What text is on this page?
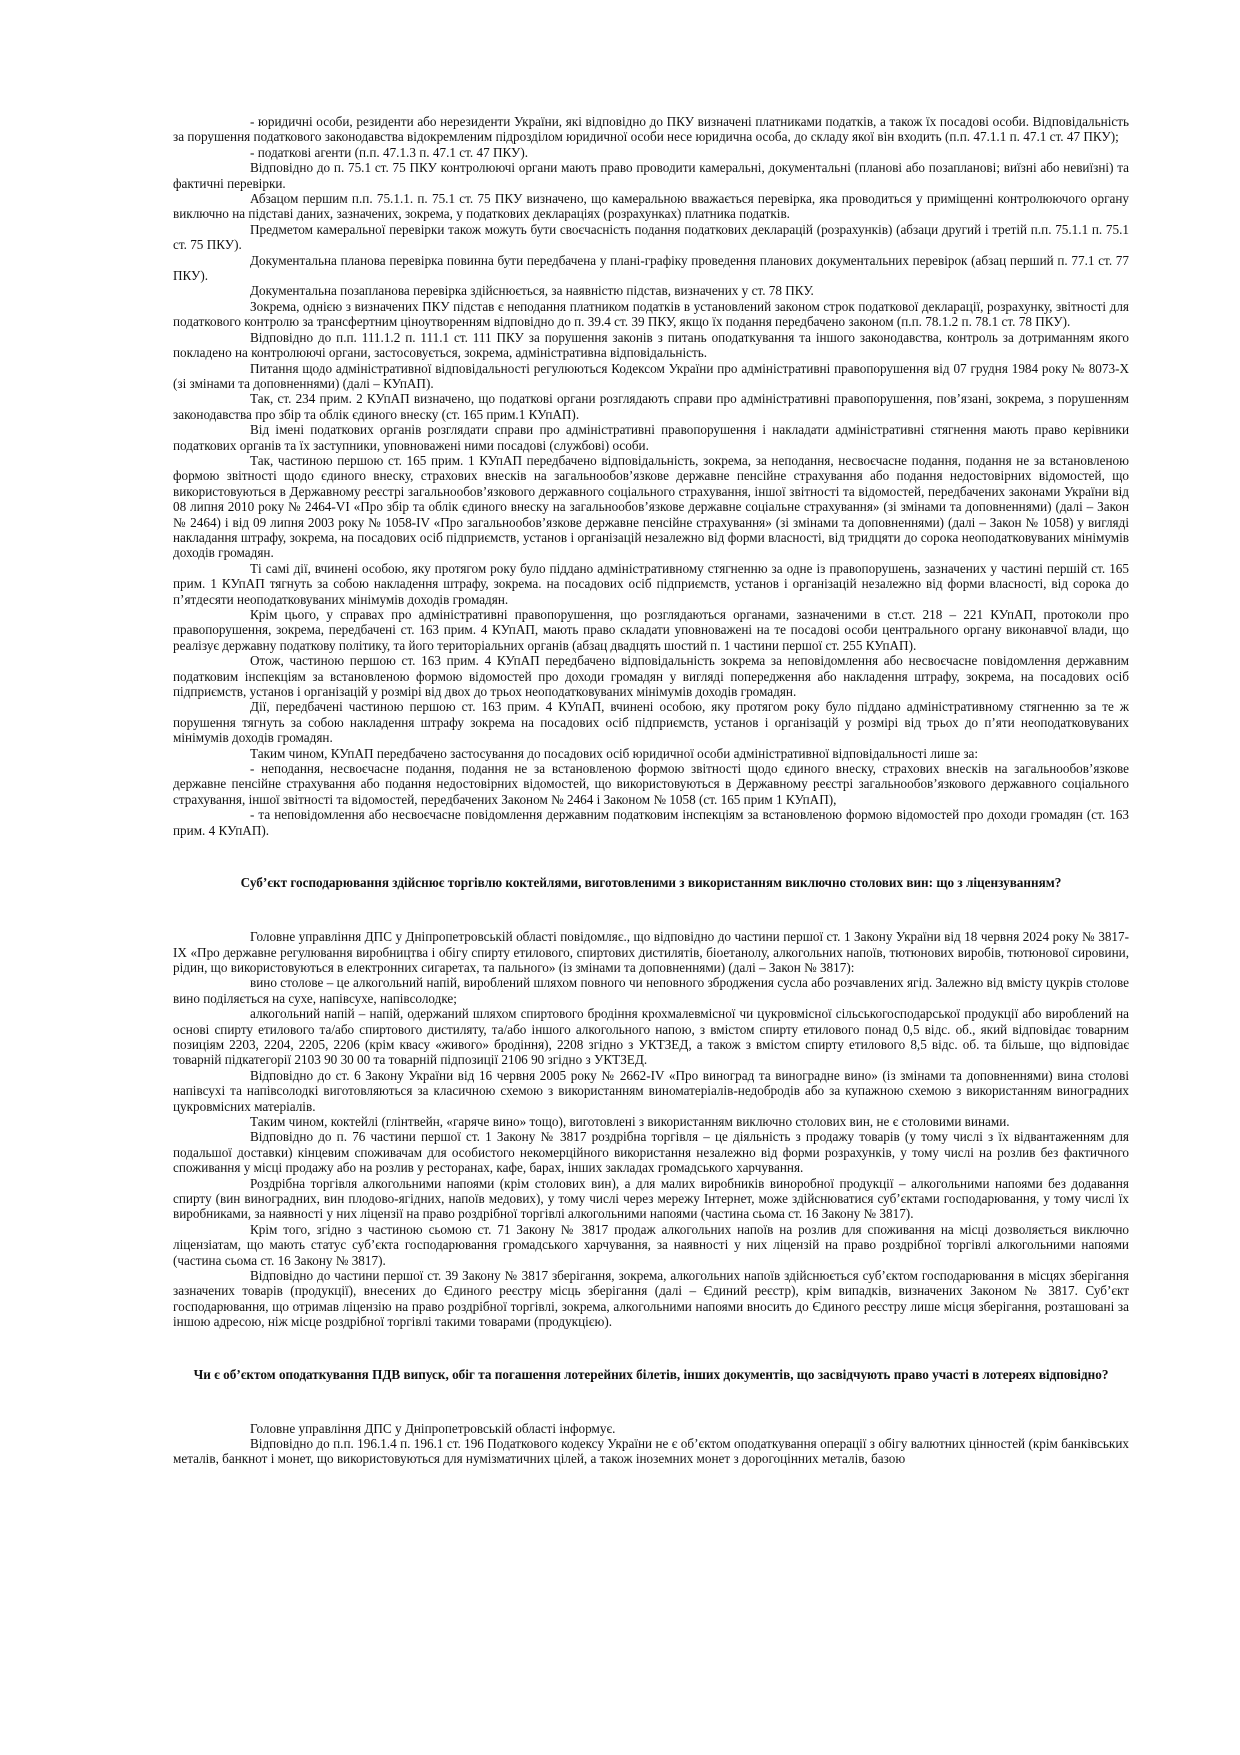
- юридичні особи, резиденти або нерезиденти України, які відповідно до ПКУ визначені платниками податків, а також їх посадові особи. Відповідальність за порушення податкового законодавства відокремленим підрозділом юридичної особи несе юридична особа, до складу якої він входить (п.п. 47.1.1 п. 47.1 ст. 47 ПКУ);

- податкові агенти (п.п. 47.1.3 п. 47.1 ст. 47 ПКУ).

Відповідно до п. 75.1 ст. 75 ПКУ контролюючі органи мають право проводити камеральні, документальні (планові або позапланові; виїзні або невиїзні) та фактичні перевірки.

Абзацом першим п.п. 75.1.1. п. 75.1 ст. 75 ПКУ визначено, що камеральною вважається перевірка, яка проводиться у приміщенні контролюючого органу виключно на підставі даних, зазначених, зокрема, у податкових деклараціях (розрахунках) платника податків.

Предметом камеральної перевірки також можуть бути своєчасність подання податкових декларацій (розрахунків) (абзаци другий і третій п.п. 75.1.1 п. 75.1 ст. 75 ПКУ).

Документальна планова перевірка повинна бути передбачена у плані-графіку проведення планових документальних перевірок (абзац перший п. 77.1 ст. 77 ПКУ).

Документальна позапланова перевірка здійснюється, за наявністю підстав, визначених у ст. 78 ПКУ.

Зокрема, однією з визначених ПКУ підстав є неподання платником податків в установлений законом строк податкової декларації, розрахунку, звітності для податкового контролю за трансфертним ціноутворенням відповідно до п. 39.4 ст. 39 ПКУ, якщо їх подання передбачено законом (п.п. 78.1.2 п. 78.1 ст. 78 ПКУ).

Відповідно до п.п. 111.1.2 п. 111.1 ст. 111 ПКУ за порушення законів з питань оподаткування та іншого законодавства, контроль за дотриманням якого покладено на контролюючі органи, застосовується, зокрема, адміністративна відповідальність.

Питання щодо адміністративної відповідальності регулюються Кодексом України про адміністративні правопорушення від 07 грудня 1984 року № 8073-Х (зі змінами та доповненнями) (далі – КУпАП).

Так, ст. 234 прим. 2 КУпАП визначено, що податкові органи розглядають справи про адміністративні правопорушення, пов’язані, зокрема, з порушенням законодавства про збір та облік єдиного внеску (ст. 165 прим.1 КУпАП).

Від імені податкових органів розглядати справи про адміністративні правопорушення і накладати адміністративні стягнення мають право керівники податкових органів та їх заступники, уповноважені ними посадові (службові) особи.

Так, частиною першою ст. 165 прим. 1 КУпАП передбачено відповідальність, зокрема, за неподання, несвоєчасне подання, подання не за встановленою формою звітності щодо єдиного внеску, страхових внесків на загальнообов’язкове державне пенсійне страхування або подання недостовірних відомостей, що використовуються в Державному реєстрі загальнообов’язкового державного соціального страхування, іншої звітності та відомостей, передбачених законами України від 08 липня 2010 року № 2464-VI «Про збір та облік єдиного внеску на загальнообов’язкове державне соціальне страхування» (зі змінами та доповненнями) (далі – Закон № 2464) і від 09 липня 2003 року № 1058-IV «Про загальнообов’язкове державне пенсійне страхування» (зі змінами та доповненнями) (далі – Закон № 1058) у вигляді накладання штрафу, зокрема, на посадових осіб підприємств, установ і організацій незалежно від форми власності, від тридцяти до сорока неоподатковуваних мінімумів доходів громадян.

Ті самі дії, вчинені особою, яку протягом року було піддано адміністративному стягненню за одне із правопорушень, зазначених у частині першій ст. 165 прим. 1 КУпАП тягнуть за собою накладення штрафу, зокрема. на посадових осіб підприємств, установ і організацій незалежно від форми власності, від сорока до п’ятдесяти неоподатковуваних мінімумів доходів громадян.

Крім цього, у справах про адміністративні правопорушення, що розглядаються органами, зазначеними в ст.ст. 218 – 221 КУпАП, протоколи про правопорушення, зокрема, передбачені ст. 163 прим. 4 КУпАП, мають право складати уповноважені на те посадові особи центрального органу виконавчої влади, що реалізує державну податкову політику, та його територіальних органів (абзац двадцять шостий п. 1 частини першої ст. 255 КУпАП).

Отож, частиною першою ст. 163 прим. 4 КУпАП передбачено відповідальність зокрема за неповідомлення або несвоєчасне повідомлення державним податковим інспекціям за встановленою формою відомостей про доходи громадян у вигляді попередження або накладення штрафу, зокрема, на посадових осіб підприємств, установ і організацій у розмірі від двох до трьох неоподатковуваних мінімумів доходів громадян.

Дії, передбачені частиною першою ст. 163 прим. 4 КУпАП, вчинені особою, яку протягом року було піддано адміністративному стягненню за те ж порушення тягнуть за собою накладення штрафу зокрема на посадових осіб підприємств, установ і організацій у розмірі від трьох до п’яти неоподатковуваних мінімумів доходів громадян.

Таким чином, КУпАП передбачено застосування до посадових осіб юридичної особи адміністративної відповідальності лише за:

- неподання, несвоєчасне подання, подання не за встановленою формою звітності щодо єдиного внеску, страхових внесків на загальнообов’язкове державне пенсійне страхування або подання недостовірних відомостей, що використовуються в Державному реєстрі загальнообов’язкового державного соціального страхування, іншої звітності та відомостей, передбачених Законом № 2464 і Законом № 1058 (ст. 165 прим 1 КУпАП),

- та неповідомлення або несвоєчасне повідомлення державним податковим інспекціям за встановленою формою відомостей про доходи громадян (ст. 163 прим. 4 КУпАП).

Суб’єкт господарювання здійснює торгівлю коктейлями, виготовленими з використанням виключно столових вин: що з ліцензуванням?

Головне управління ДПС у Дніпропетровській області повідомляє., що відповідно до частини першої ст. 1 Закону України від 18 червня 2024 року № 3817-IX «Про державне регулювання виробництва і обігу спирту етилового, спиртових дистилятів, біоетанолу, алкогольних напоїв, тютюнових виробів, тютюнової сировини, рідин, що використовуються в електронних сигаретах, та пального» (із змінами та доповненнями) (далі – Закон № 3817):

вино столове – це алкогольний напій, вироблений шляхом повного чи неповного зброджения сусла або розчавлених ягід. Залежно від вмісту цукрів столове вино поділяється на сухе, напівсухе, напівсолодке;

алкогольний напій – напій, одержаний шляхом спиртового бродіння крохмалевмісної чи цукровмісної сільськогосподарської продукції або вироблений на основі спирту етилового та/або спиртового дистиляту, та/або іншого алкогольного напою, з вмістом спирту етилового понад 0,5 відс. об., який відповідає товарним позиціям 2203, 2204, 2205, 2206 (крім квасу «живого» бродіння), 2208 згідно з УКТЗЕД, а також з вмістом спирту етилового 8,5 відс. об. та більше, що відповідає товарній підкатегорії 2103 90 30 00 та товарній підпозиції 2106 90 згідно з УКТЗЕД.

Відповідно до ст. 6 Закону України від 16 червня 2005 року № 2662-IV «Про виноград та виноградне вино» (із змінами та доповненнями) вина столові напівсухі та напівсолодкі виготовляються за класичною схемою з використанням виноматеріалів-недобродів або за купажною схемою з використанням виноградних цукровмісних матеріалів.

Таким чином, коктейлі (глінтвейн, «гаряче вино» тощо), виготовлені з використанням виключно столових вин, не є столовими винами.

Відповідно до п. 76 частини першої ст. 1 Закону № 3817 роздрібна торгівля – це діяльність з продажу товарів (у тому числі з їх відвантаженням для подальшої доставки) кінцевим споживачам для особистого некомерційного використання незалежно від форми розрахунків, у тому числі на розлив без фактичного споживання у місці продажу або на розлив у ресторанах, кафе, барах, інших закладах громадського харчування.

Роздрібна торгівля алкогольними напоями (крім столових вин), а для малих виробників виноробної продукції – алкогольними напоями без додавання спирту (вин виноградних, вин плодово-ягідних, напоїв медових), у тому числі через мережу Інтернет, може здійснюватися суб’єктами господарювання, у тому числі їх виробниками, за наявності у них ліцензії на право роздрібної торгівлі алкогольними напоями (частина сьома ст. 16 Закону № 3817).

Крім того, згідно з частиною сьомою ст. 71 Закону № 3817 продаж алкогольних напоїв на розлив для споживання на місці дозволяється виключно ліцензіатам, що мають статус суб’єкта господарювання громадського харчування, за наявності у них ліцензій на право роздрібної торгівлі алкогольними напоями (частина сьома ст. 16 Закону № 3817).

Відповідно до частини першої ст. 39 Закону № 3817 зберігання, зокрема, алкогольних напоїв здійснюється суб’єктом господарювання в місцях зберігання зазначених товарів (продукції), внесених до Єдиного реєстру місць зберігання (далі – Єдиний реєстр), крім випадків, визначених Законом № 3817. Суб’єкт господарювання, що отримав ліцензію на право роздрібної торгівлі, зокрема, алкогольними напоями вносить до Єдиного реєстру лише місця зберігання, розташовані за іншою адресою, ніж місце роздрібної торгівлі такими товарами (продукцією).

Чи є об’єктом оподаткування ПДВ випуск, обіг та погашення лотерейних білетів, інших документів, що засвідчують право участі в лотереях відповідно?

Головне управління ДПС у Дніпропетровській області інформує.

Відповідно до п.п. 196.1.4 п. 196.1 ст. 196 Податкового кодексу України не є об’єктом оподаткування операції з обігу валютних цінностей (крім банківських металів, банкнот і монет, що використовуються для нумізматичних цілей, а також іноземних монет з дорогоцінних металів, базою
